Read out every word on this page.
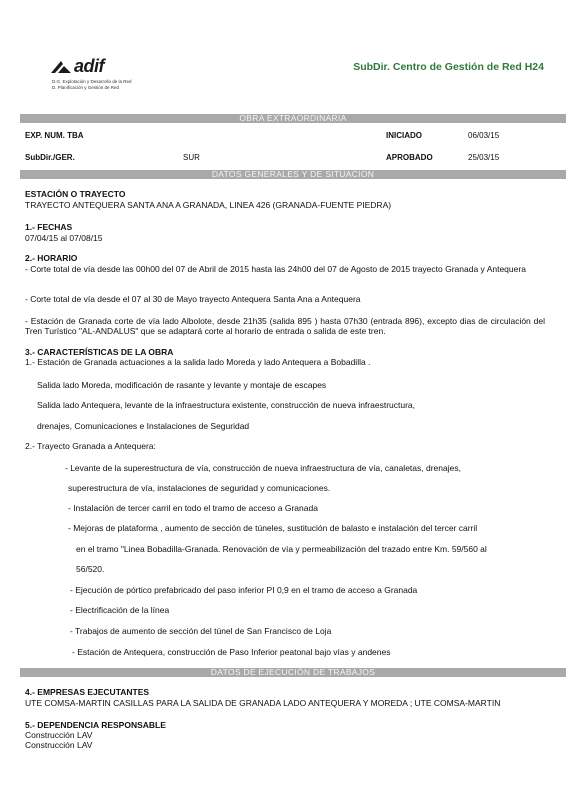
adif
D.G. Explotación y Desarrollo de la Red
D. Planificación y Gestión de Red
SubDir. Centro de Gestión de Red H24
OBRA EXTRAORDINARIA
EXP. NUM. TBA	INICIADO	06/03/15
SubDir./GER.	SUR	APROBADO	25/03/15
DATOS GENERALES Y DE SITUACION
ESTACIÓN O TRAYECTO
TRAYECTO ANTEQUERA SANTA ANA A GRANADA, LINEA 426 (GRANADA-FUENTE PIEDRA)
1.- FECHAS
07/04/15 al 07/08/15
2.- HORARIO
- Corte total de vía desde las 00h00 del 07 de Abril de 2015 hasta las 24h00 del 07 de Agosto de 2015 trayecto Granada y Antequera
- Corte total de vía desde el 07 al 30 de Mayo trayecto Antequera Santa Ana a Antequera
- Estación de Granada corte de vía lado Albolote, desde 21h35 (salida 895 ) hasta 07h30 (entrada 896), excepto dias de circulación del Tren Turístico "AL-ANDALUS" que se adaptará corte al horario de entrada o salida de este tren.
3.- CARACTERÍSTICAS DE LA OBRA
1.- Estación de Granada actuaciones a la salida lado Moreda y lado Antequera a Bobadilla .
Salida lado Moreda, modificación de rasante y levante y montaje de escapes
Salida lado Antequera, levante de la infraestructura existente, construcción de nueva infraestructura,
drenajes, Comunicaciones e Instalaciones de Seguridad
2.- Trayecto Granada a Antequera:
- Levante de la superestructura de vía, construcción de nueva infraestructura de vía, canaletas, drenajes,
superestructura de vía, instalaciones de seguridad y comunicaciones.
- Instalación de tercer carril en todo el tramo de acceso a Granada
- Mejoras de plataforma , aumento de sección de túneles, sustitución de balasto e instalación del tercer carril
en el tramo "Linea Bobadilla-Granada. Renovación de vía y permeabilización del trazado entre Km. 59/560 al
56/520.
- Ejecución de pórtico prefabricado del paso inferior PI 0,9 en el tramo de acceso a Granada
- Electrificación de la línea
- Trabajos de aumento de sección del túnel de San Francisco de Loja
- Estación de Antequera, construcción de Paso Inferior peatonal bajo vías y andenes
DATOS DE EJECUCIÓN DE TRABAJOS
4.- EMPRESAS EJECUTANTES
UTE COMSA-MARTIN CASILLAS PARA LA SALIDA DE GRANADA LADO ANTEQUERA Y MOREDA ; UTE COMSA-MARTIN
5.- DEPENDENCIA RESPONSABLE
Construcción LAV
Construcción LAV
